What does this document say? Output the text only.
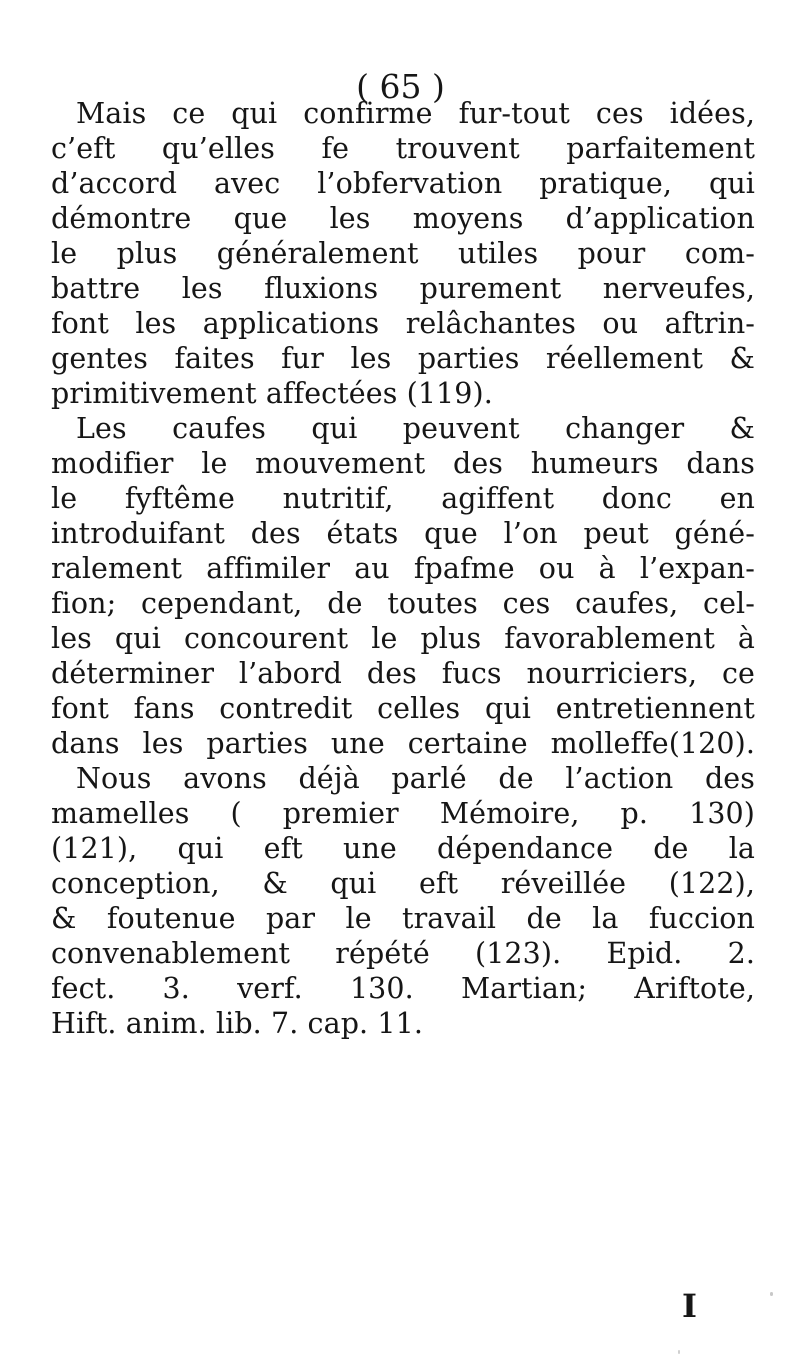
( 65 )
Mais ce qui confirme fur-tout ces idées,
c’eft qu’elles fe trouvent parfaitement
d’accord avec l’obfervation pratique, qui
démontre que les moyens d’application
le plus généralement utiles pour com-
battre les fluxions purement nerveufes,
font les applications relâchantes ou aftrin-
gentes faites fur les parties réellement &
primitivement affectées (119).
Les caufes qui peuvent changer &
modifier le mouvement des humeurs dans
le fyftême nutritif, agiffent donc en
introduifant des états que l’on peut géné-
ralement affimiler au fpafme ou à l’expan-
fion; cependant, de toutes ces caufes, cel-
les qui concourent le plus favorablement à
déterminer l’abord des fucs nourriciers, ce
font fans contredit celles qui entretiennent
dans les parties une certaine molleffe(120).
Nous avons déjà parlé de l’action des
mamelles ( premier Mémoire, p. 130)
(121), qui eft une dépendance de la
conception, & qui eft réveillée (122),
& foutenue par le travail de la fuccion
convenablement répété (123). Epid. 2.
fect. 3. verf. 130. Martian; Ariftote,
Hift. anim. lib. 7. cap. 11.
I
